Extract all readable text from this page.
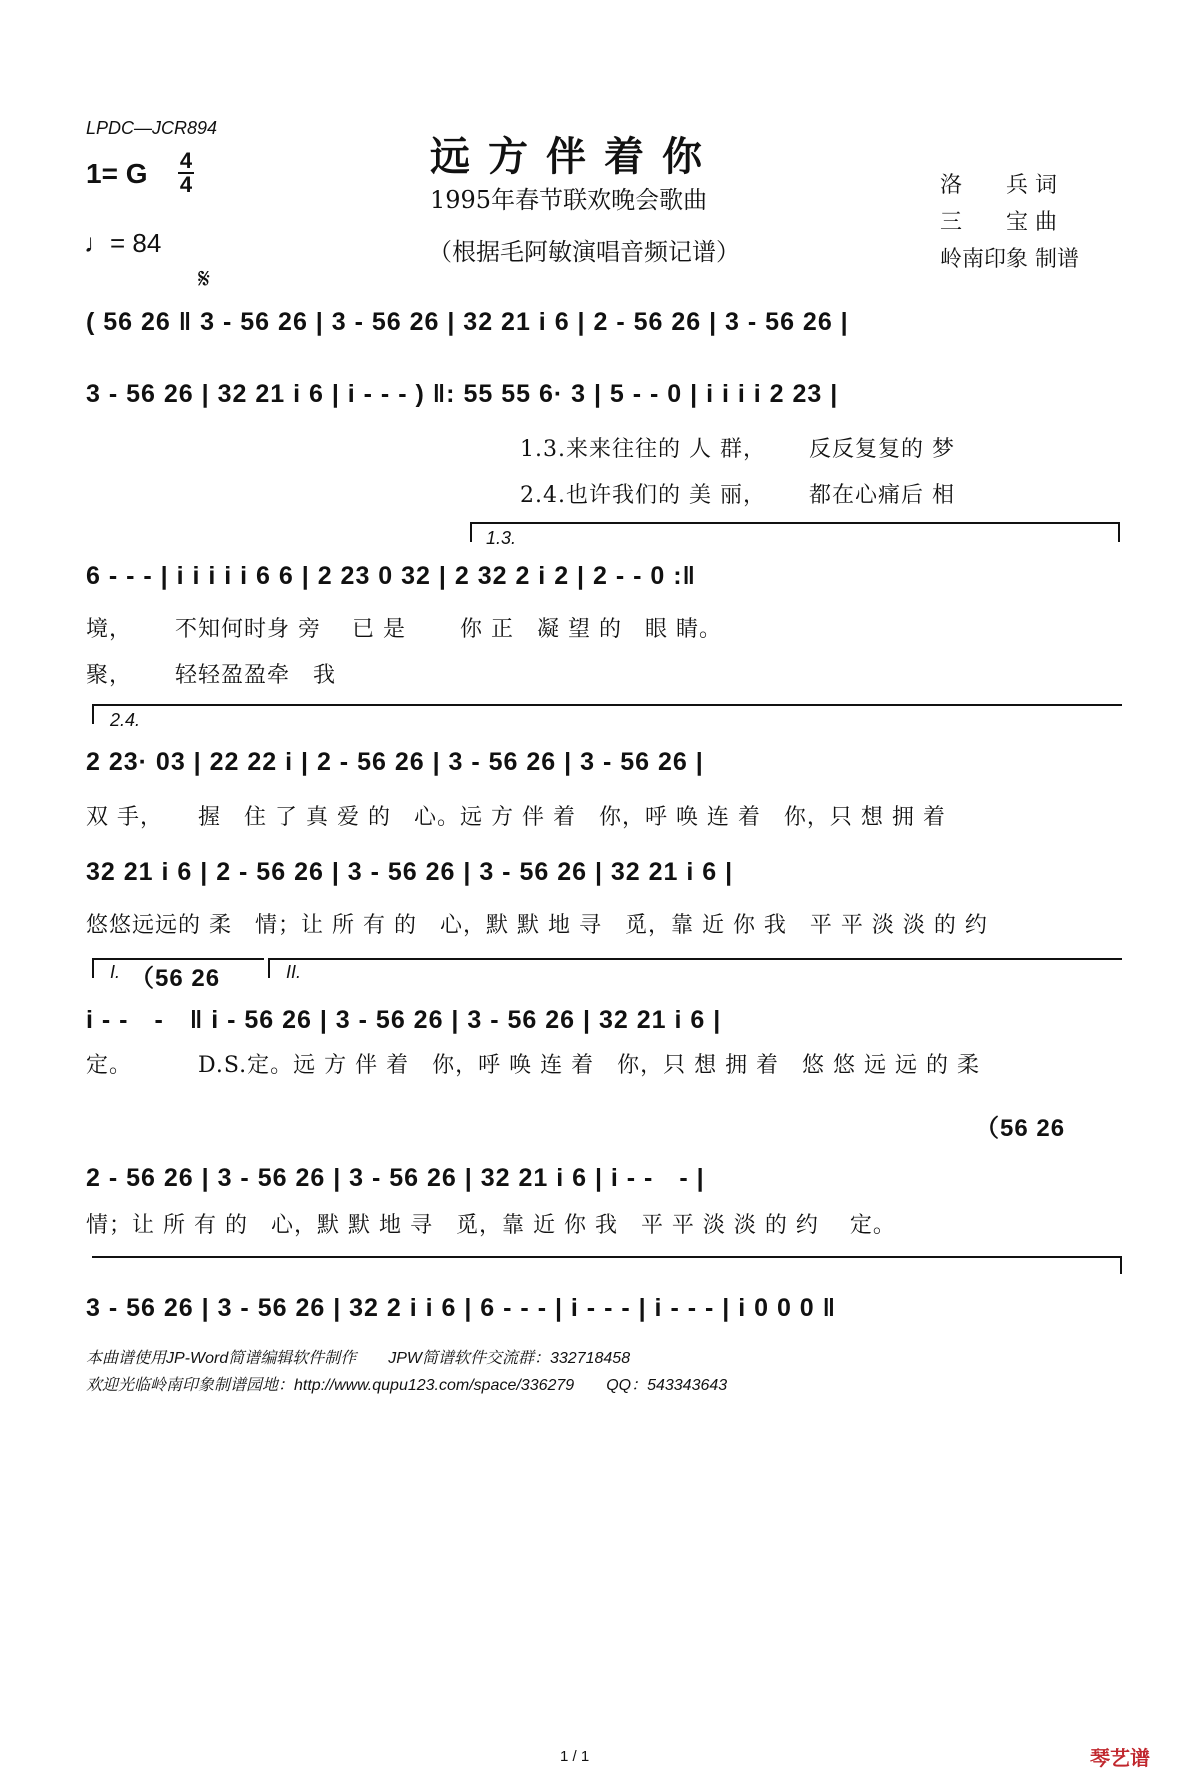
LPDC—JCR894
1= G 4
4
♩= 84
远方伴着你
1995年春节联欢晚会歌曲
（根据毛阿敏演唱音频记谱）
洛　　兵 词
三　　宝 曲
岭南印象 制谱
𝄋
( 56 26 ‖ 3 - 56 26 | 3 - 56 26 | 32 21 i 6 | 2 - 56 26 | 3 - 56 26 |
3 - 56 26 | 32 21 i 6 | i - - - ) ‖: 55 55 6· 3 | 5 - - 0 | i i i i 2 23 |
1.3.来来往往的 人 群，　　 反反复复的 梦
2.4.也许我们的 美 丽，　　 都在心痛后 相
1.3.
6 - - - | i i i i i 6 6 | 2 23 0 32 | 2 32 2 i 2 | 2 - - 0 :‖
境，　　 不知何时身 旁　 已 是　　 你 正　凝 望 的　眼 睛。
聚，　　 轻轻盈盈牵　我
2.4.
2 23· 03 | 22 22 i | 2 - 56 26 | 3 - 56 26 | 3 - 56 26 |
双 手，　　握　住 了 真 爱 的　心。远 方 伴 着　你，呼 唤 连 着　你，只 想 拥 着
32 21 i 6 | 2 - 56 26 | 3 - 56 26 | 3 - 56 26 | 32 21 i 6 |
悠悠远远的 柔　情；让 所 有 的　心，默 默 地 寻　觅，靠 近 你 我　平 平 淡 淡 的 约
I. （56 26	II.
i - -　-　‖ i - 56 26 | 3 - 56 26 | 3 - 56 26 | 32 21 i 6 |
定。　　　 D.S.定。远 方 伴 着　你，呼 唤 连 着　你，只 想 拥 着　悠 悠 远 远 的 柔
（56 26
2 - 56 26 | 3 - 56 26 | 3 - 56 26 | 32 21 i 6 | i - -　- |
情；让 所 有 的　心，默 默 地 寻　觅，靠 近 你 我　平 平 淡 淡 的 约　 定。
3 - 56 26 | 3 - 56 26 | 32 2 i i 6 | 6 - - - | i - - - | i - - - | i 0 0 0 ‖
本曲谱使用JP-Word简谱编辑软件制作　　JPW简谱软件交流群：332718458
欢迎光临岭南印象制谱园地：http://www.qupu123.com/space/336279　　QQ：543343643
1 / 1	琴艺谱
